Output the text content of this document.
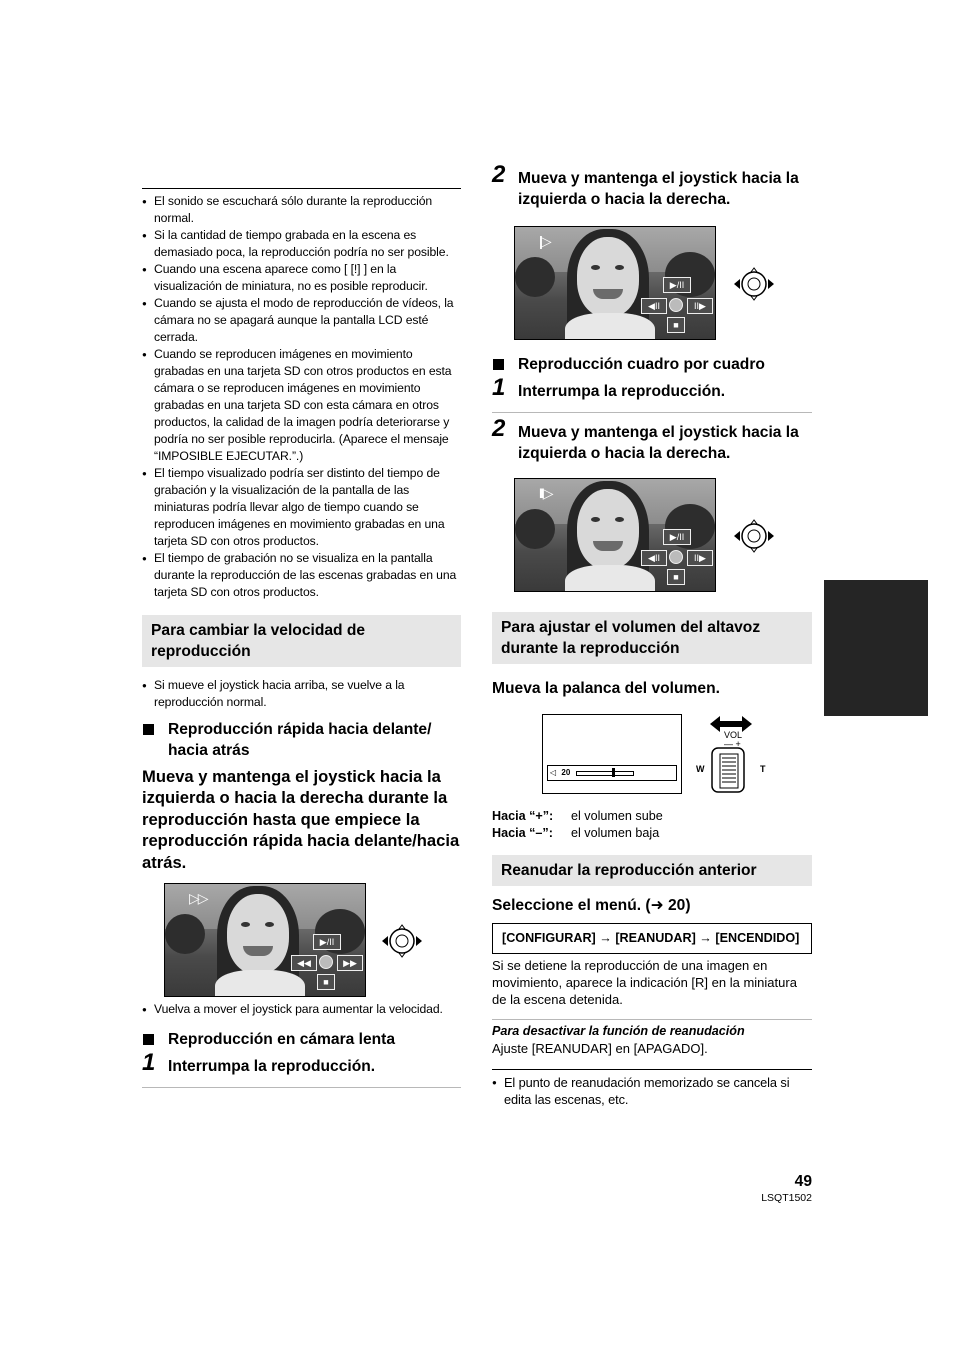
● El sonido se escuchará sólo durante la reproducción normal.
● Si la cantidad de tiempo grabada en la escena es demasiado poca, la reproducción podría no ser posible.
● Cuando una escena aparece como [ [!] ] en la visualización de miniatura, no es posible reproducir.
● Cuando se ajusta el modo de reproducción de vídeos, la cámara no se apagará aunque la pantalla LCD esté cerrada.
● Cuando se reproducen imágenes en movimiento grabadas en una tarjeta SD con otros productos en esta cámara o se reproducen imágenes en movimiento grabadas en una tarjeta SD con esta cámara en otros productos, la calidad de la imagen podría deteriorarse y podría no ser posible reproducirla. (Aparece el mensaje “IMPOSIBLE EJECUTAR.”.)
● El tiempo visualizado podría ser distinto del tiempo de grabación y la visualización de la pantalla de las miniaturas podría llevar algo de tiempo cuando se reproducen imágenes en movimiento grabadas en una tarjeta SD con otros productos.
● El tiempo de grabación no se visualiza en la pantalla durante la reproducción de las escenas grabadas en una tarjeta SD con otros productos.
Para cambiar la velocidad de reproducción
● Si mueve el joystick hacia arriba, se vuelve a la reproducción normal.
Reproducción rápida hacia delante/ hacia atrás
Mueva y mantenga el joystick hacia la izquierda o hacia la derecha durante la reproducción hasta que empiece la reproducción rápida hacia delante/hacia atrás.
▷▷
▶/II
◀◀	▶▶
■
● Vuelva a mover el joystick para aumentar la velocidad.
Reproducción en cámara lenta
1 Interrumpa la reproducción.
2 Mueva y mantenga el joystick hacia la izquierda o hacia la derecha.
|▷
▶/II
◀II	II▶
■
Reproducción cuadro por cuadro
1 Interrumpa la reproducción.
2 Mueva y mantenga el joystick hacia la izquierda o hacia la derecha.
II▷
▶/II
◀II	II▶
■
Para ajustar el volumen del altavoz durante la reproducción
Mueva la palanca del volumen.
◁ 20
VOL
— +
W	T
Hacia “+”: el volumen sube
Hacia “–”: el volumen baja
Reanudar la reproducción anterior
Seleccione el menú. (➜ 20)
[CONFIGURAR] → [REANUDAR] → [ENCENDIDO]
Si se detiene la reproducción de una imagen en movimiento, aparece la indicación [R] en la miniatura de la escena detenida.
Para desactivar la función de reanudación
Ajuste [REANUDAR] en [APAGADO].
● El punto de reanudación memorizado se cancela si edita las escenas, etc.
49
LSQT1502
